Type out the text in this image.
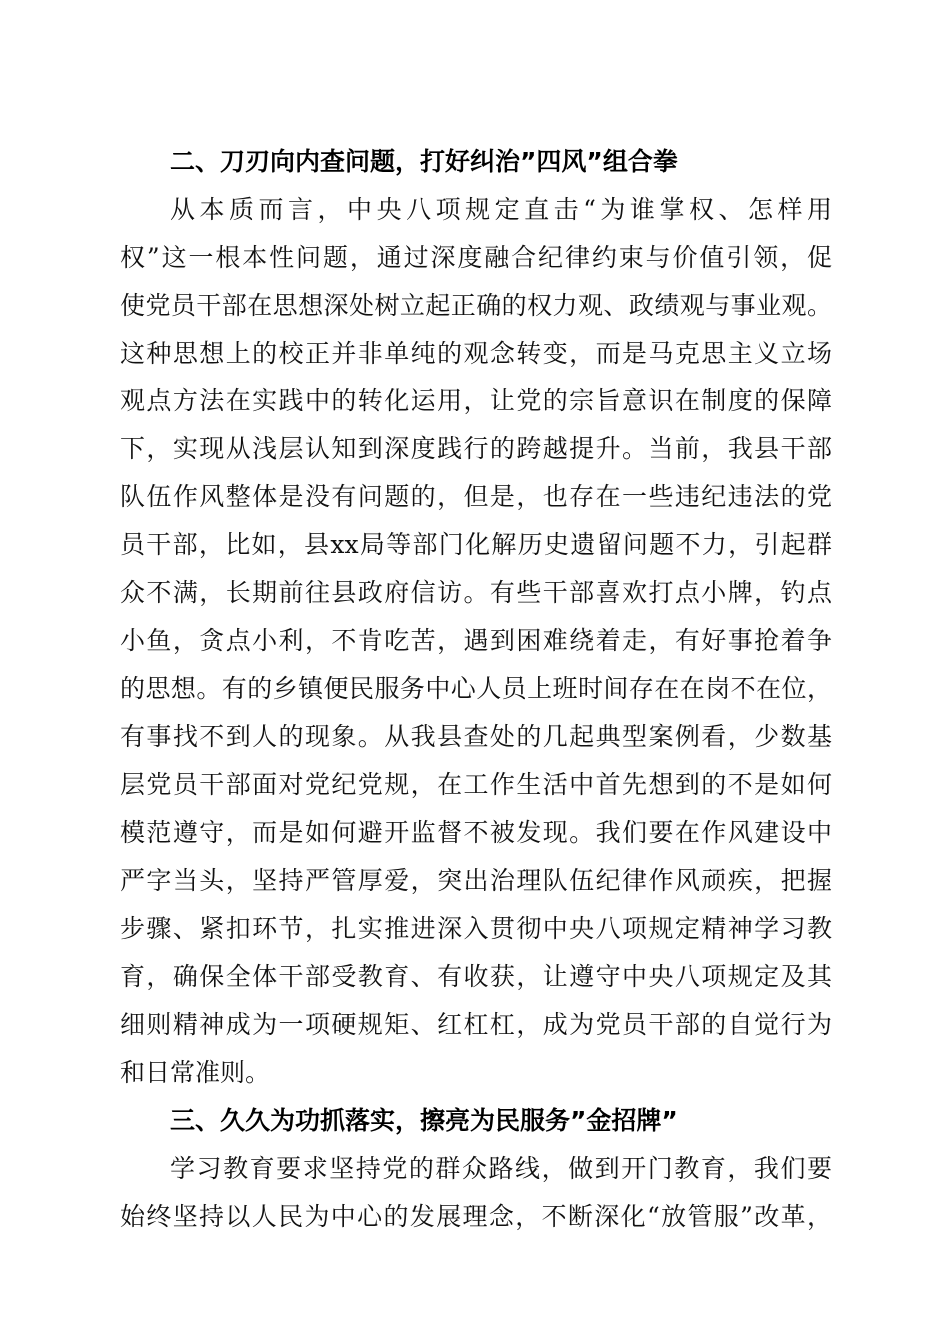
二、刀刃向内查问题，打好纠治”四风”组合拳

从本质而言，中央八项规定直击“为谁掌权、怎样用

权”这一根本性问题，通过深度融合纪律约束与价值引领，促

使党员干部在思想深处树立起正确的权力观、政绩观与事业观。

这种思想上的校正并非单纯的观念转变，而是马克思主义立场

观点方法在实践中的转化运用，让党的宗旨意识在制度的保障

下，实现从浅层认知到深度践行的跨越提升。当前，我县干部

队伍作风整体是没有问题的，但是，也存在一些违纪违法的党

员干部，比如，县xx局等部门化解历史遗留问题不力，引起群

众不满，长期前往县政府信访。有些干部喜欢打点小牌，钓点

小鱼，贪点小利，不肯吃苦，遇到困难绕着走，有好事抢着争

的思想。有的乡镇便民服务中心人员上班时间存在在岗不在位，

有事找不到人的现象。从我县查处的几起典型案例看，少数基

层党员干部面对党纪党规，在工作生活中首先想到的不是如何

模范遵守，而是如何避开监督不被发现。我们要在作风建设中

严字当头，坚持严管厚爱，突出治理队伍纪律作风顽疾，把握

步骤、紧扣环节，扎实推进深入贯彻中央八项规定精神学习教

育，确保全体干部受教育、有收获，让遵守中央八项规定及其

细则精神成为一项硬规矩、红杠杠，成为党员干部的自觉行为

和日常准则。

三、久久为功抓落实，擦亮为民服务”金招牌”

学习教育要求坚持党的群众路线，做到开门教育，我们要

始终坚持以人民为中心的发展理念，不断深化“放管服”改革，
